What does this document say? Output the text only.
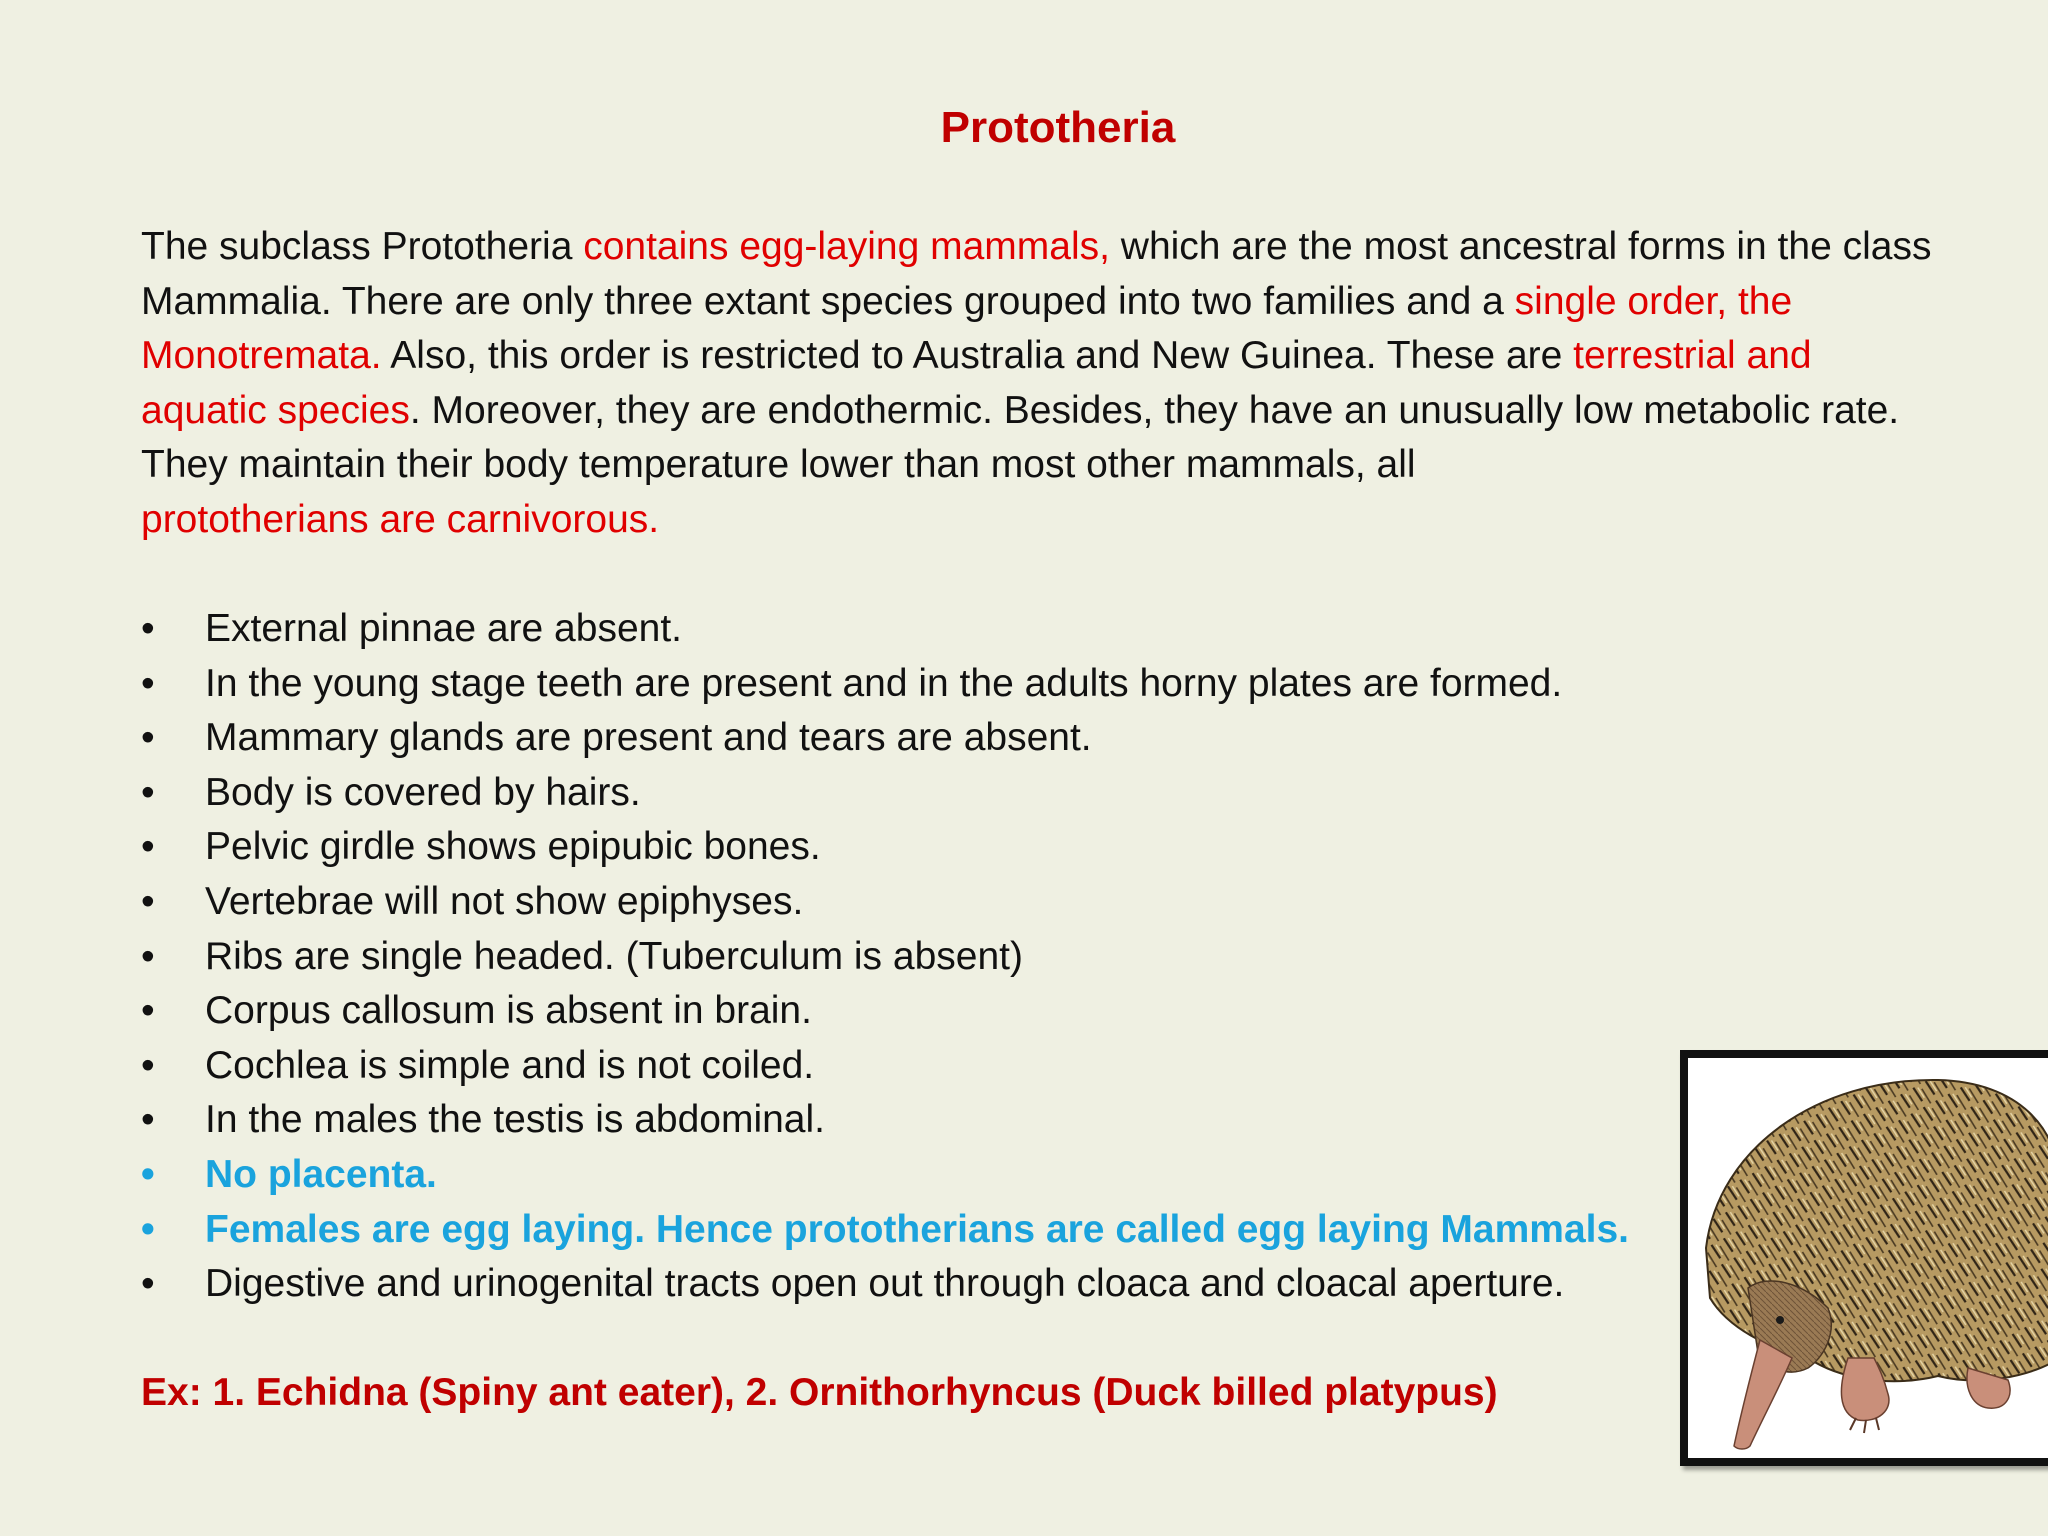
Prototheria
The subclass Prototheria contains egg-laying mammals, which are the most ancestral forms in the class Mammalia. There are only three extant species grouped into two families and a single order, the Monotremata. Also, this order is restricted to Australia and New Guinea. These are terrestrial and aquatic species. Moreover, they are endothermic. Besides, they have an unusually low metabolic rate. They maintain their body temperature lower than most other mammals, all
prototherians are carnivorous.
• External pinnae are absent.
• In the young stage teeth are present and in the adults horny plates are formed.
• Mammary glands are present and tears are absent.
• Body is covered by hairs.
• Pelvic girdle shows epipubic bones.
• Vertebrae will not show epiphyses.
• Ribs are single headed. (Tuberculum is absent)
• Corpus callosum is absent in brain.
• Cochlea is simple and is not coiled.
• In the males the testis is abdominal.
• No placenta.
• Females are egg laying. Hence prototherians are called egg laying Mammals.
• Digestive and urinogenital tracts open out through cloaca and cloacal aperture.
Ex: 1. Echidna (Spiny ant eater), 2. Ornithorhyncus (Duck billed platypus)
